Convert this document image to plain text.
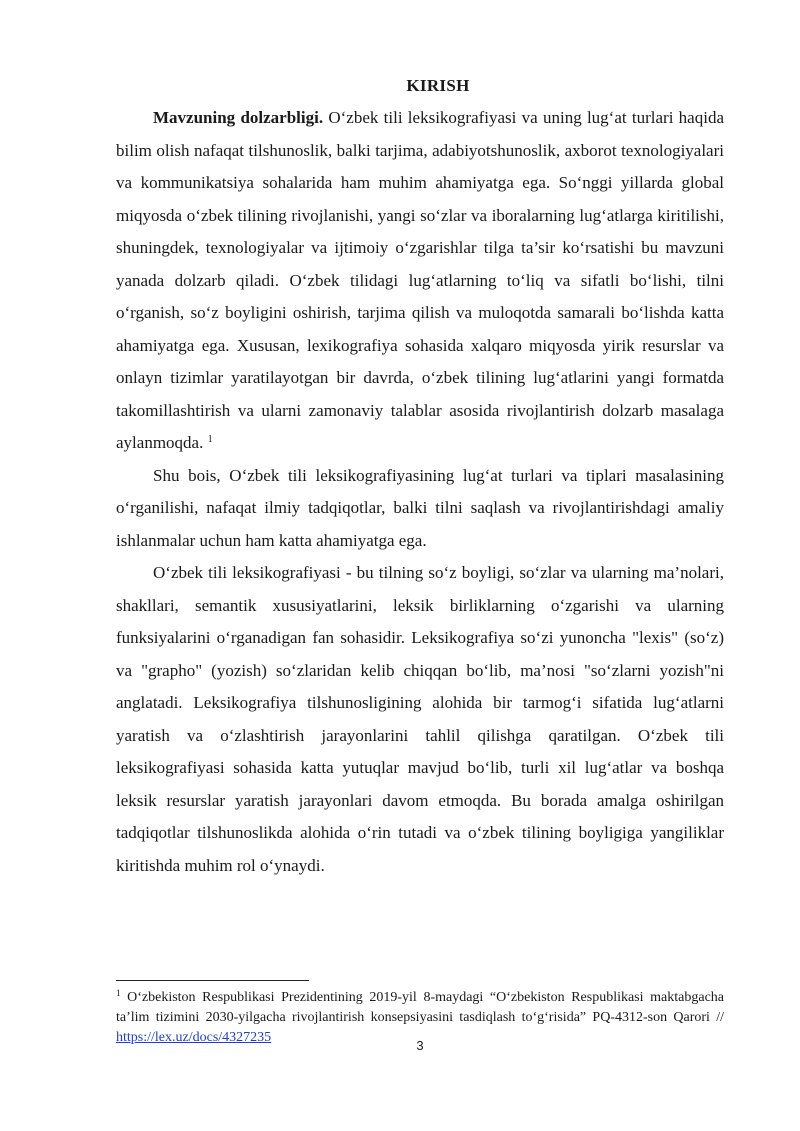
KIRISH

Mavzuning dolzarbligi. O‘zbek tili leksikografiyasi va uning lug‘at turlari haqida bilim olish nafaqat tilshunoslik, balki tarjima, adabiyotshunoslik, axborot texnologiyalari va kommunikatsiya sohalarida ham muhim ahamiyatga ega. So‘nggi yillarda global miqyosda o‘zbek tilining rivojlanishi, yangi so‘zlar va iboralarning lug‘atlarga kiritilishi, shuningdek, texnologiyalar va ijtimoiy o‘zgarishlar tilga ta’sir ko‘rsatishi bu mavzuni yanada dolzarb qiladi. O‘zbek tilidagi lug‘atlarning to‘liq va sifatli bo‘lishi, tilni o‘rganish, so‘z boyligini oshirish, tarjima qilish va muloqotda samarali bo‘lishda katta ahamiyatga ega. Xususan, lexikografiya sohasida xalqaro miqyosda yirik resurslar va onlayn tizimlar yaratilayotgan bir davrda, o‘zbek tilining lug‘atlarini yangi formatda takomillashtirish va ularni zamonaviy talablar asosida rivojlantirish dolzarb masalaga aylanmoqda. $^1$

Shu bois, O‘zbek tili leksikografiyasining lug‘at turlari va tiplari masalasining o‘rganilishi, nafaqat ilmiy tadqiqotlar, balki tilni saqlash va rivojlantirishdagi amaliy ishlanmalar uchun ham katta ahamiyatga ega.

O‘zbek tili leksikografiyasi - bu tilning so‘z boyligi, so‘zlar va ularning ma’nolari, shakllari, semantik xususiyatlarini, leksik birliklarning o‘zgarishi va ularning funksiyalarini o‘rganadigan fan sohasidir. Leksikografiya so‘zi yunoncha "lexis" (so‘z) va "grapho" (yozish) so‘zlaridan kelib chiqqan bo‘lib, ma’nosi "so‘zlarni yozish"ni anglatadi. Leksikografiya tilshunosligining alohida bir tarmog‘i sifatida lug‘atlarni yaratish va o‘zlashtirish jarayonlarini tahlil qilishga qaratilgan. O‘zbek tili leksikografiyasi sohasida katta yutuqlar mavjud bo‘lib, turli xil lug‘atlar va boshqa leksik resurslar yaratish jarayonlari davom etmoqda. Bu borada amalga oshirilgan tadqiqotlar tilshunoslikda alohida o‘rin tutadi va o‘zbek tilining boyligiga yangiliklar kiritishda muhim rol o‘ynaydi.

$^1$ O‘zbekiston Respublikasi Prezidentining 2019-yil 8-maydagi “O‘zbekiston Respublikasi maktabgacha ta’lim tizimini 2030-yilgacha rivojlantirish konsepsiyasini tasdiqlash to‘g‘risida” PQ-4312-son Qarori // https://lex.uz/docs/4327235
3
